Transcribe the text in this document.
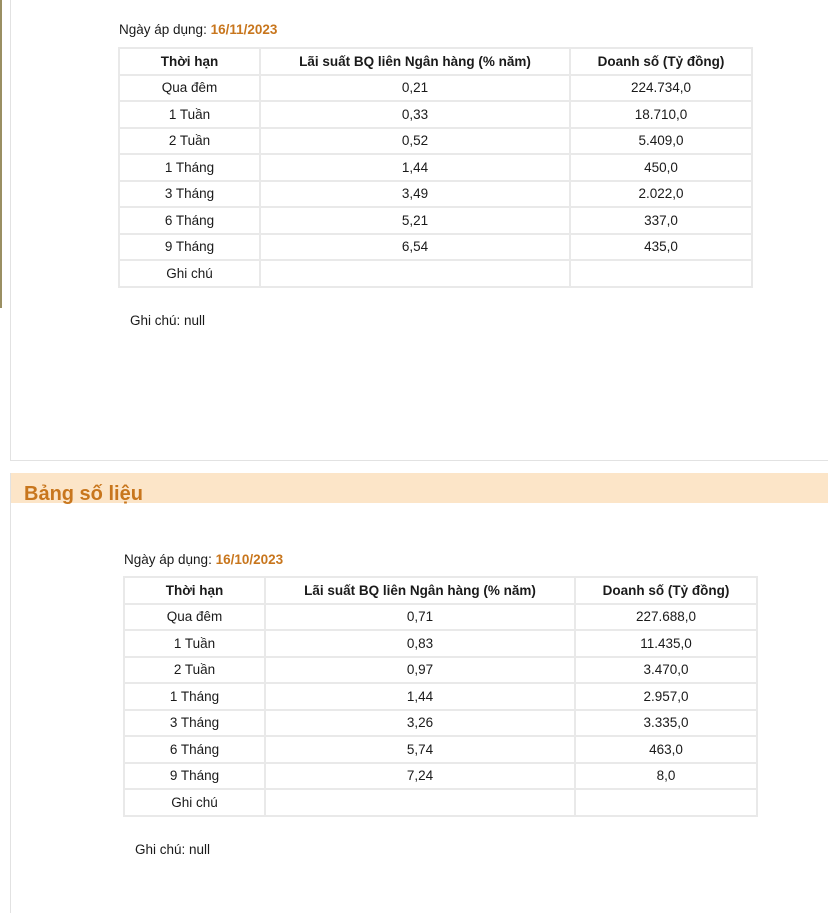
Ngày áp dụng: 16/11/2023
Thời hạn	Lãi suất BQ liên Ngân hàng (% năm)	Doanh số (Tỷ đồng)
Qua đêm	0,21	224.734,0
1 Tuần	0,33	18.710,0
2 Tuần	0,52	5.409,0
1 Tháng	1,44	450,0
3 Tháng	3,49	2.022,0
6 Tháng	5,21	337,0
9 Tháng	6,54	435,0
Ghi chú		
Ghi chú: null
Bảng số liệu
Ngày áp dụng: 16/10/2023
Thời hạn	Lãi suất BQ liên Ngân hàng (% năm)	Doanh số (Tỷ đồng)
Qua đêm	0,71	227.688,0
1 Tuần	0,83	11.435,0
2 Tuần	0,97	3.470,0
1 Tháng	1,44	2.957,0
3 Tháng	3,26	3.335,0
6 Tháng	5,74	463,0
9 Tháng	7,24	8,0
Ghi chú		
Ghi chú: null
